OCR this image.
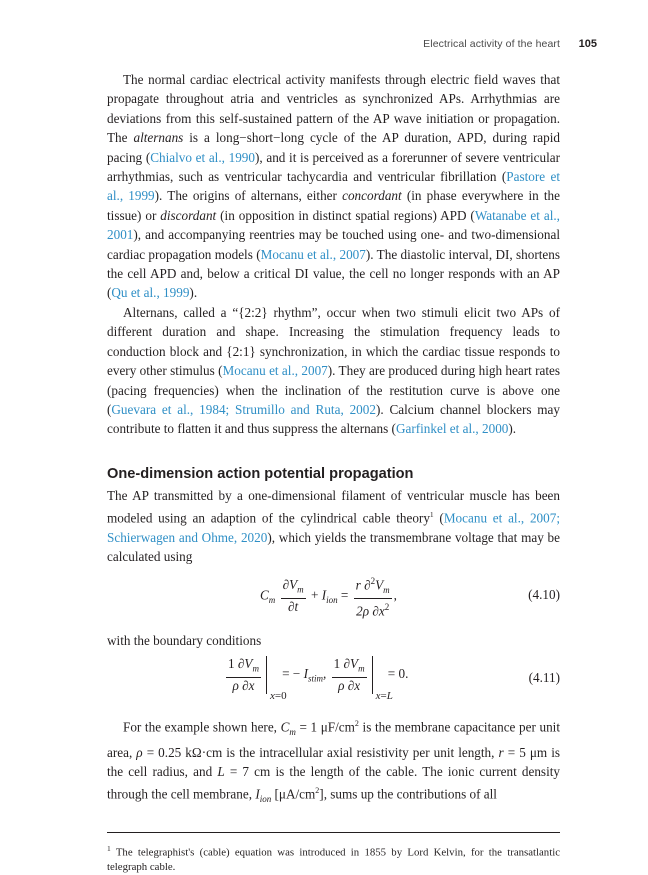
Electrical activity of the heart 105

The normal cardiac electrical activity manifests through electric field waves that propagate throughout atria and ventricles as synchronized APs. Arrhythmias are deviations from this self-sustained pattern of the AP wave initiation or propagation. The alternans is a long−short−long cycle of the AP duration, APD, during rapid pacing (Chialvo et al., 1990), and it is perceived as a forerunner of severe ventricular arrhythmias, such as ventricular tachycardia and ventricular fibrillation (Pastore et al., 1999). The origins of alternans, either concordant (in phase everywhere in the tissue) or discordant (in opposition in distinct spatial regions) APD (Watanabe et al., 2001), and accompanying reentries may be touched using one- and two-dimensional cardiac propagation models (Mocanu et al., 2007). The diastolic interval, DI, shortens the cell APD and, below a critical DI value, the cell no longer responds with an AP (Qu et al., 1999).

Alternans, called a “{2:2} rhythm”, occur when two stimuli elicit two APs of different duration and shape. Increasing the stimulation frequency leads to conduction block and {2:1} synchronization, in which the cardiac tissue responds to every other stimulus (Mocanu et al., 2007). They are produced during high heart rates (pacing frequencies) when the inclination of the restitution curve is above one (Guevara et al., 1984; Strumillo and Ruta, 2002). Calcium channel blockers may contribute to flatten it and thus suppress the alternans (Garfinkel et al., 2000).

One-dimension action potential propagation

The AP transmitted by a one-dimensional filament of ventricular muscle has been modeled using an adaption of the cylindrical cable theory$^1$ (Mocanu et al., 2007; Schierwagen and Ohme, 2020), which yields the transmembrane voltage that may be calculated using

$C_m \frac{\partial V_m}{\partial t} + I_{ion} = \frac{r \partial^2V_m}{2\rho \partial x^2}$ ,	(4.10)

with the boundary conditions

$\frac{1 \partial V_m}{\rho \partial x}$
x=0
= − $I_{stim}$, $\frac{1 \partial V_m}{\rho \partial x}$
x=L
= 0.	(4.11)

For the example shown here, $C_m = 1$ $\mu F/cm^2$ is the membrane capacitance per unit area, ρ = 0.25 kΩ·cm is the intracellular axial resistivity per unit length, r = 5 μm is the cell radius, and L = 7 cm is the length of the cable. The ionic current density through the cell membrane, $I_{ion}$ $[\mu A/cm^2]$, sums up the contributions of all

$^1$ The telegraphist's (cable) equation was introduced in 1855 by Lord Kelvin, for the transatlantic telegraph cable.
